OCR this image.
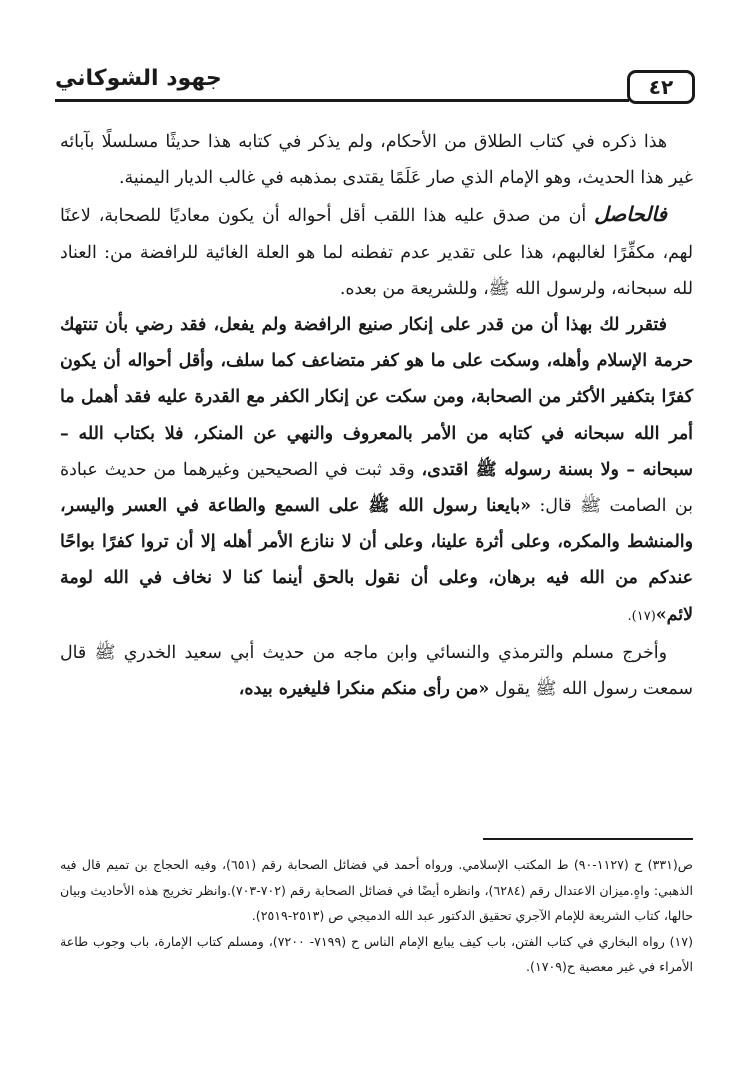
٤٢
جهود الشوكاني

هذا ذكره في كتاب الطلاق من الأحكام، ولم يذكر في كتابه هذا حديثًا مسلسلًا بآبائه غير هذا الحديث، وهو الإمام الذي صار عَلَمًا يقتدى بمذهبه في غالب الديار اليمنية.

فالحاصل أن من صدق عليه هذا اللقب أقل أحواله أن يكون معاديًا للصحابة، لاعنًا لهم، مكفِّرًا لغالبهم، هذا على تقدير عدم تفطنه لما هو العلة الغائية للرافضة من: العناد لله سبحانه، ولرسول الله ﷺ، وللشريعة من بعده.

فتقرر لك بهذا أن من قدر على إنكار صنيع الرافضة ولم يفعل، فقد رضي بأن تنتهك حرمة الإسلام وأهله، وسكت على ما هو كفر متضاعف كما سلف، وأقل أحواله أن يكون كفرًا بتكفير الأكثر من الصحابة، ومن سكت عن إنكار الكفر مع القدرة عليه فقد أهمل ما أمر الله سبحانه في كتابه من الأمر بالمعروف والنهي عن المنكر، فلا بكتاب الله – سبحانه – ولا بسنة رسوله ﷺ اقتدى، وقد ثبت في الصحيحين وغيرهما من حديث عبادة بن الصامت ﷺ قال: «بايعنا رسول الله ﷺ على السمع والطاعة في العسر واليسر، والمنشط والمكره، وعلى أثرة علينا، وعلى أن لا ننازع الأمر أهله إلا أن تروا كفرًا بواحًا عندكم من الله فيه برهان، وعلى أن نقول بالحق أينما كنا لا نخاف في الله لومة لائم»(١٧).

وأخرج مسلم والترمذي والنسائي وابن ماجه من حديث أبي سعيد الخدري ﷺ قال سمعت رسول الله ﷺ يقول «من رأى منكم منكرا فليغيره بيده،

ص(٣٣١) ح (١١٢٧-٩٠) ط المكتب الإسلامي. ورواه أحمد في فضائل الصحابة رقم (٦٥١)، وفيه الحجاج بن تميم قال فيه الذهبي: واهٍ.ميزان الاعتدال رقم (٦٢٨٤)، وانظره أيضًا في فضائل الصحابة رقم (٧٠٢-٧٠٣).وانظر تخريج هذه الأحاديث وبيان حالها، كتاب الشريعة للإمام الآجري تحقيق الدكتور عبد الله الدميجي ص (٢٥١٣-٢٥١٩).

(١٧) رواه البخاري في كتاب الفتن، باب كيف يبايع الإمام الناس ح (٧١٩٩- ٧٢٠٠)، ومسلم كتاب الإمارة، باب وجوب طاعة الأمراء في غير معصية ح(١٧٠٩).
